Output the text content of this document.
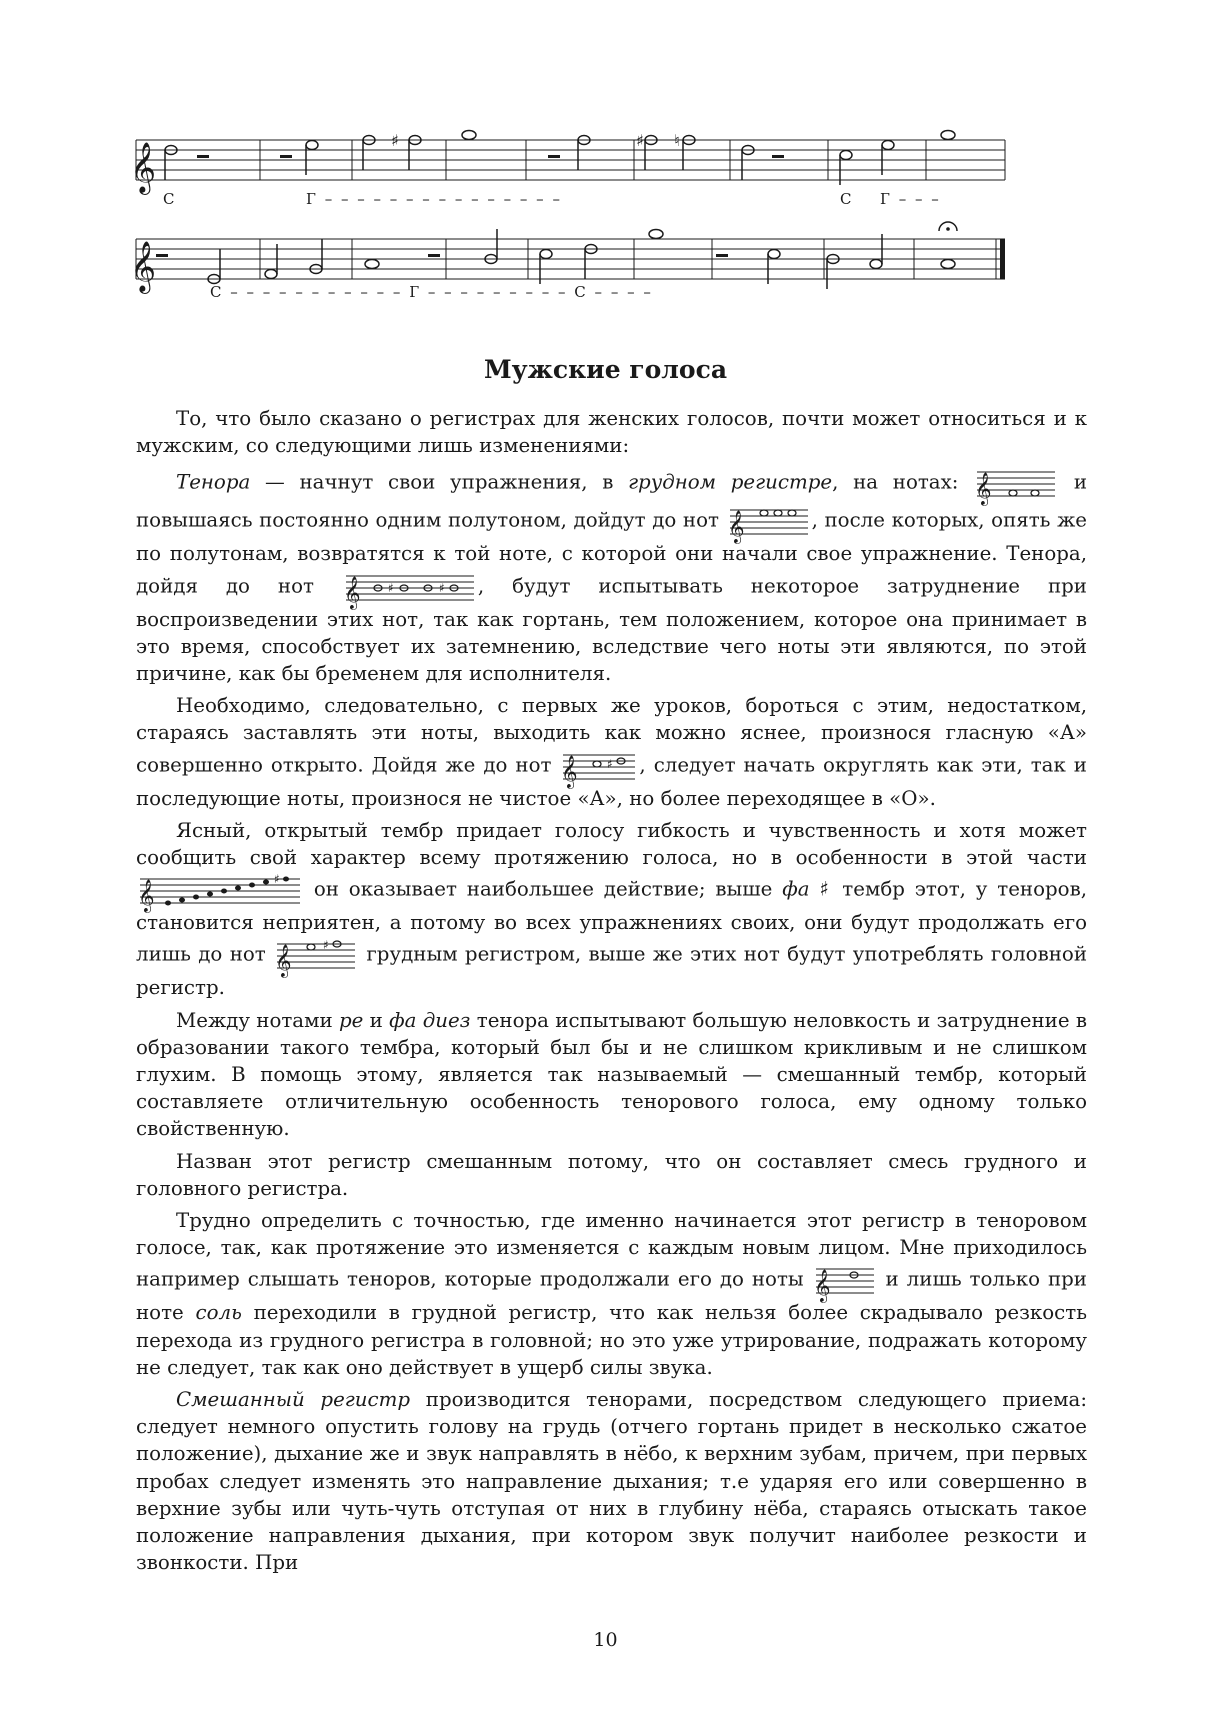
𝄞
♯	♯ ♮
С	Г – – – – – – – – – – – – – – –	С Г – – –
𝄞	С – – – – – – – – – – – Г – – – – – – – – – С – – – –
Мужские голоса

То, что было сказано о регистрах для женских голосов, почти может относиться и к мужским, со следующими лишь изменениями:

Тенора — начнут свои упражнения, в грудном регистре, на нотах: 𝄞	и повышаясь постоянно одним полутоном, дойдут до нот 𝄞	, после которых, опять же по полутонам, возвратятся к той ноте, с которой они начали свое упражнение. Тенора, дойдя до нот 𝄞 ♯	♯ , будут испытывать некоторое затруднение при воспроизведении этих нот, так как гортань, тем положением, которое она принимает в это время, способствует их затемнению, вследствие чего ноты эти являются, по этой причине, как бы бременем для исполнителя.

Необходимо, следовательно, с первых же уроков, бороться с этим, недостатком, стараясь заставлять эти ноты, выходить как можно яснее, произнося гласную «А» совершенно открыто. Дойдя же до нот 𝄞 ♯ , следует начать округлять как эти, так и последующие ноты, произнося не чистое «А», но более переходящее в «О».

Ясный, открытый тембр придает голосу гибкость и чувственность и хотя может сообщить свой характер всему протяжению голоса, но в особенности в этой части
𝄞	♯ он оказывает наибольшее действие; выше фа ♯ тембр этот, у теноров, становится неприятен, а потому во всех упражнениях своих, они будут продолжать его лишь до нот 𝄞	♯ грудным регистром, выше же этих нот будут употреблять головной регистр.

Между нотами ре и фа диез тенора испытывают большую неловкость и затруднение в образовании такого тембра, который был бы и не слишком крикливым и не слишком глухим. В помощь этому, является так называемый — смешанный тембр, который составляете отличительную особенность тенорового голоса, ему одному только свойственную.

Назван этот регистр смешанным потому, что он составляет смесь грудного и головного регистра.

Трудно определить с точностью, где именно начинается этот регистр в теноровом голосе, так, как протяжение это изменяется с каждым новым лицом. Мне приходилось например слышать теноров, которые продолжали его до ноты 𝄞 и лишь только при ноте соль переходили в грудной регистр, что как нельзя более скрадывало резкость перехода из грудного регистра в головной; но это уже утрирование, подражать которому не следует, так как оно действует в ущерб силы звука.

Смешанный регистр производится тенорами, посредством следующего приема: следует немного опустить голову на грудь (отчего гортань придет в несколько сжатое положение), дыхание же и звук направлять в нёбо, к верхним зубам, причем, при первых пробах следует изменять это направление дыхания; т.е ударяя его или совершенно в верхние зубы или чуть-чуть отступая от них в глубину нёба, стараясь отыскать такое положение направления дыхания, при котором звук получит наиболее резкости и звонкости. При

10
